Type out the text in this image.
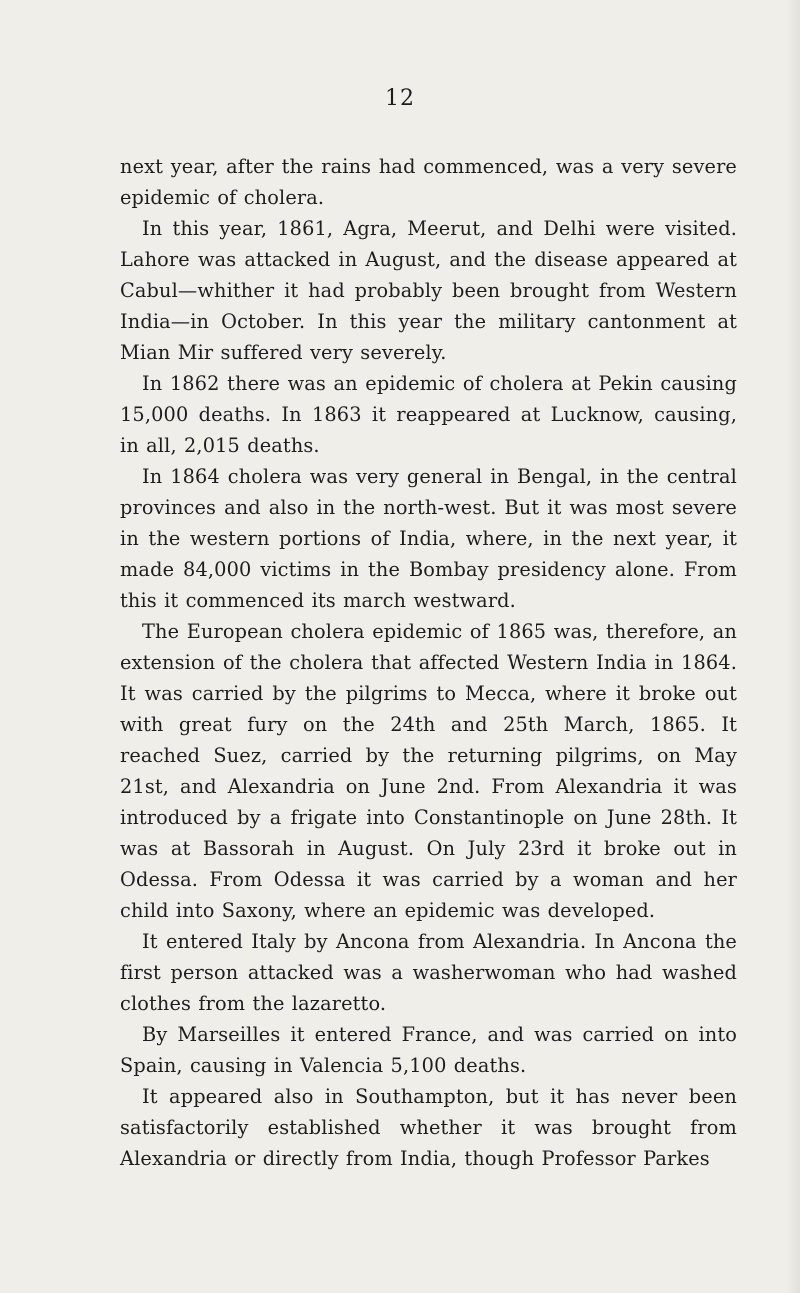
12

next year, after the rains had commenced, was a very severe epidemic of cholera.

In this year, 1861, Agra, Meerut, and Delhi were visited. Lahore was attacked in August, and the disease appeared at Cabul—whither it had probably been brought from Western India—in October. In this year the military cantonment at Mian Mir suffered very severely.

In 1862 there was an epidemic of cholera at Pekin causing 15,000 deaths. In 1863 it reappeared at Lucknow, causing, in all, 2,015 deaths.

In 1864 cholera was very general in Bengal, in the central provinces and also in the north-west. But it was most severe in the western portions of India, where, in the next year, it made 84,000 victims in the Bombay presidency alone. From this it commenced its march westward.

The European cholera epidemic of 1865 was, therefore, an extension of the cholera that affected Western India in 1864. It was carried by the pilgrims to Mecca, where it broke out with great fury on the 24th and 25th March, 1865. It reached Suez, carried by the returning pilgrims, on May 21st, and Alexandria on June 2nd. From Alexandria it was introduced by a frigate into Constantinople on June 28th. It was at Bassorah in August. On July 23rd it broke out in Odessa. From Odessa it was carried by a woman and her child into Saxony, where an epidemic was developed.

It entered Italy by Ancona from Alexandria. In Ancona the first person attacked was a washerwoman who had washed clothes from the lazaretto.

By Marseilles it entered France, and was carried on into Spain, causing in Valencia 5,100 deaths.

It appeared also in Southampton, but it has never been satisfactorily established whether it was brought from Alexandria or directly from India, though Professor Parkes
